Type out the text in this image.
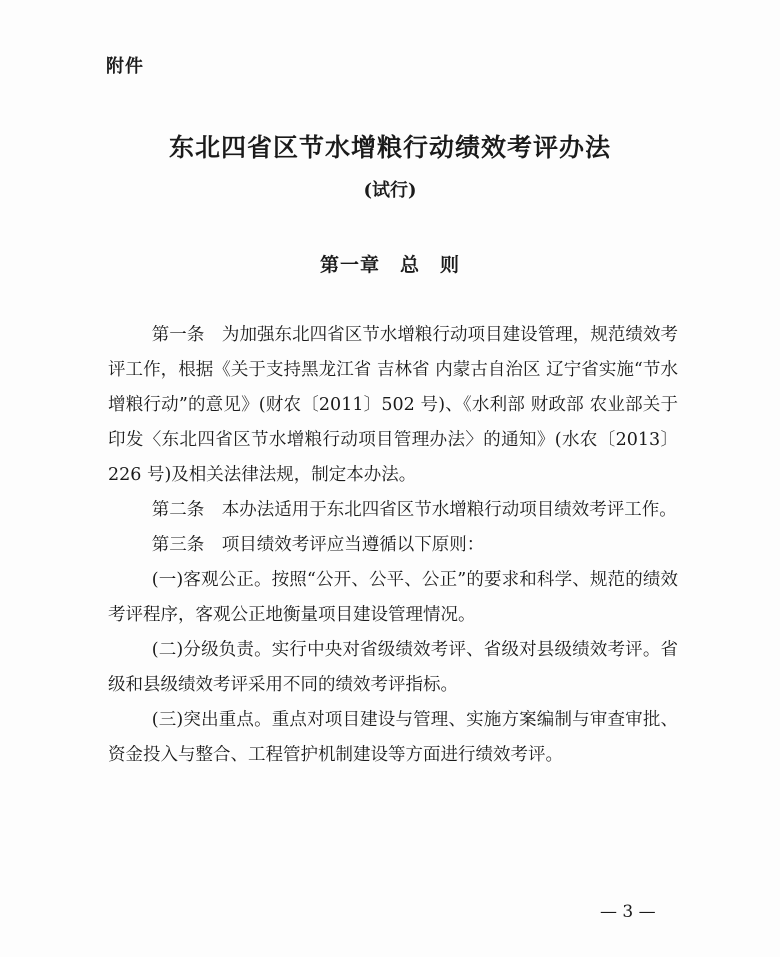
附件
东北四省区节水增粮行动绩效考评办法
(试行)
第一章　总　则

第一条　为加强东北四省区节水增粮行动项目建设管理，规范绩效考评工作，根据《关于支持黑龙江省 吉林省 内蒙古自治区 辽宁省实施“节水增粮行动”的意见》(财农〔2011〕502 号)、《水利部 财政部 农业部关于印发〈东北四省区节水增粮行动项目管理办法〉的通知》(水农〔2013〕226 号)及相关法律法规，制定本办法。

第二条　本办法适用于东北四省区节水增粮行动项目绩效考评工作。

第三条　项目绩效考评应当遵循以下原则：

(一)客观公正。按照“公开、公平、公正”的要求和科学、规范的绩效考评程序，客观公正地衡量项目建设管理情况。

(二)分级负责。实行中央对省级绩效考评、省级对县级绩效考评。省级和县级绩效考评采用不同的绩效考评指标。

(三)突出重点。重点对项目建设与管理、实施方案编制与审查审批、资金投入与整合、工程管护机制建设等方面进行绩效考评。

— 3 —
